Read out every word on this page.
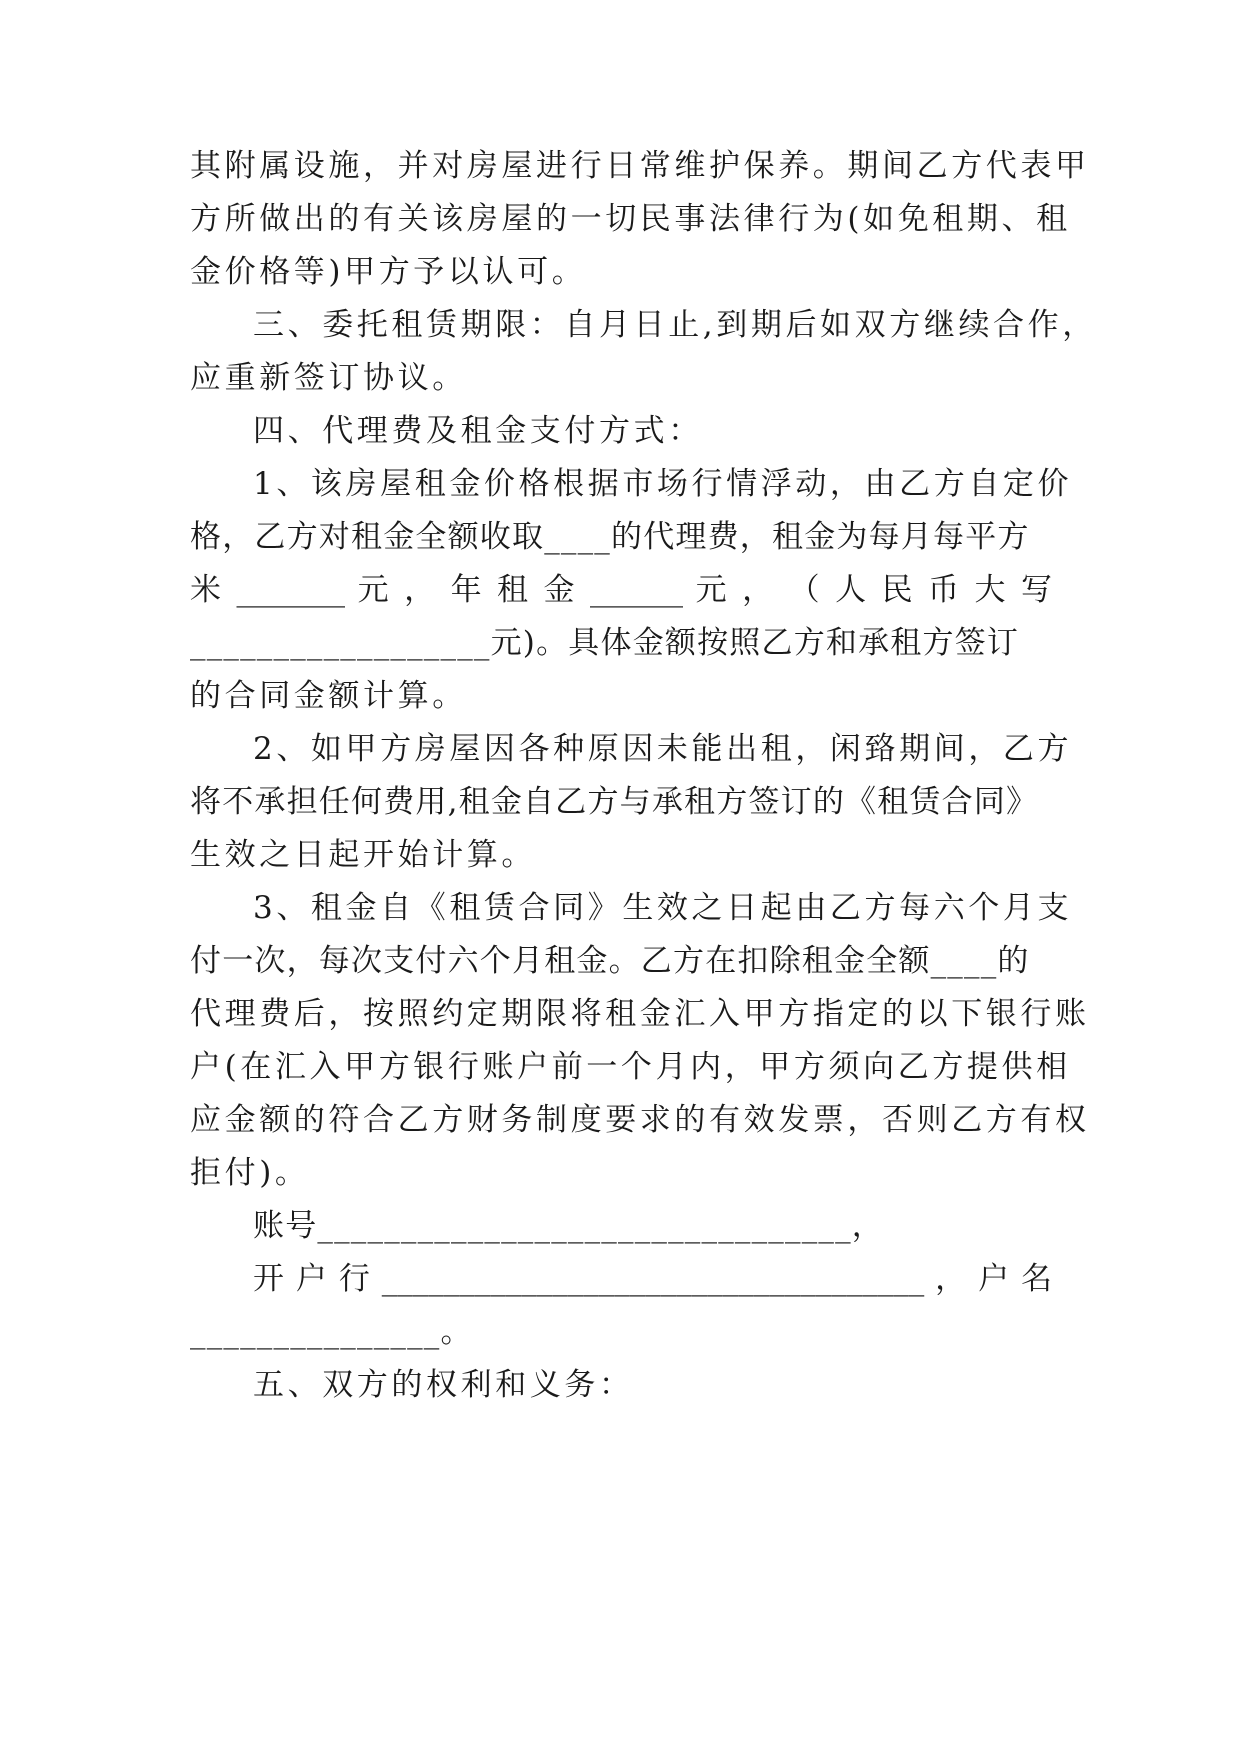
其附属设施，并对房屋进行日常维护保养。期间乙方代表甲
方所做出的有关该房屋的一切民事法律行为(如免租期、租
金价格等)甲方予以认可。
三、委托租赁期限：自月日止,到期后如双方继续合作，
应重新签订协议。
四、代理费及租金支付方式：
1、该房屋租金价格根据市场行情浮动，由乙方自定价
格，乙方对租金全额收取____的代理费，租金为每月每平方
米 _______ 元 ， 年 租 金 ______ 元 ， （ 人 民 币 大 写
__________________元)。具体金额按照乙方和承租方签订
的合同金额计算。
2、如甲方房屋因各种原因未能出租，闲臵期间，乙方
将不承担任何费用,租金自乙方与承租方签订的《租赁合同》
生效之日起开始计算。
3、租金自《租赁合同》生效之日起由乙方每六个月支
付一次，每次支付六个月租金。乙方在扣除租金全额____的
代理费后，按照约定期限将租金汇入甲方指定的以下银行账
户(在汇入甲方银行账户前一个月内，甲方须向乙方提供相
应金额的符合乙方财务制度要求的有效发票，否则乙方有权
拒付)。
账号________________________________，
开 户 行 ___________________________________ ， 户 名
_______________。
五、双方的权利和义务：
